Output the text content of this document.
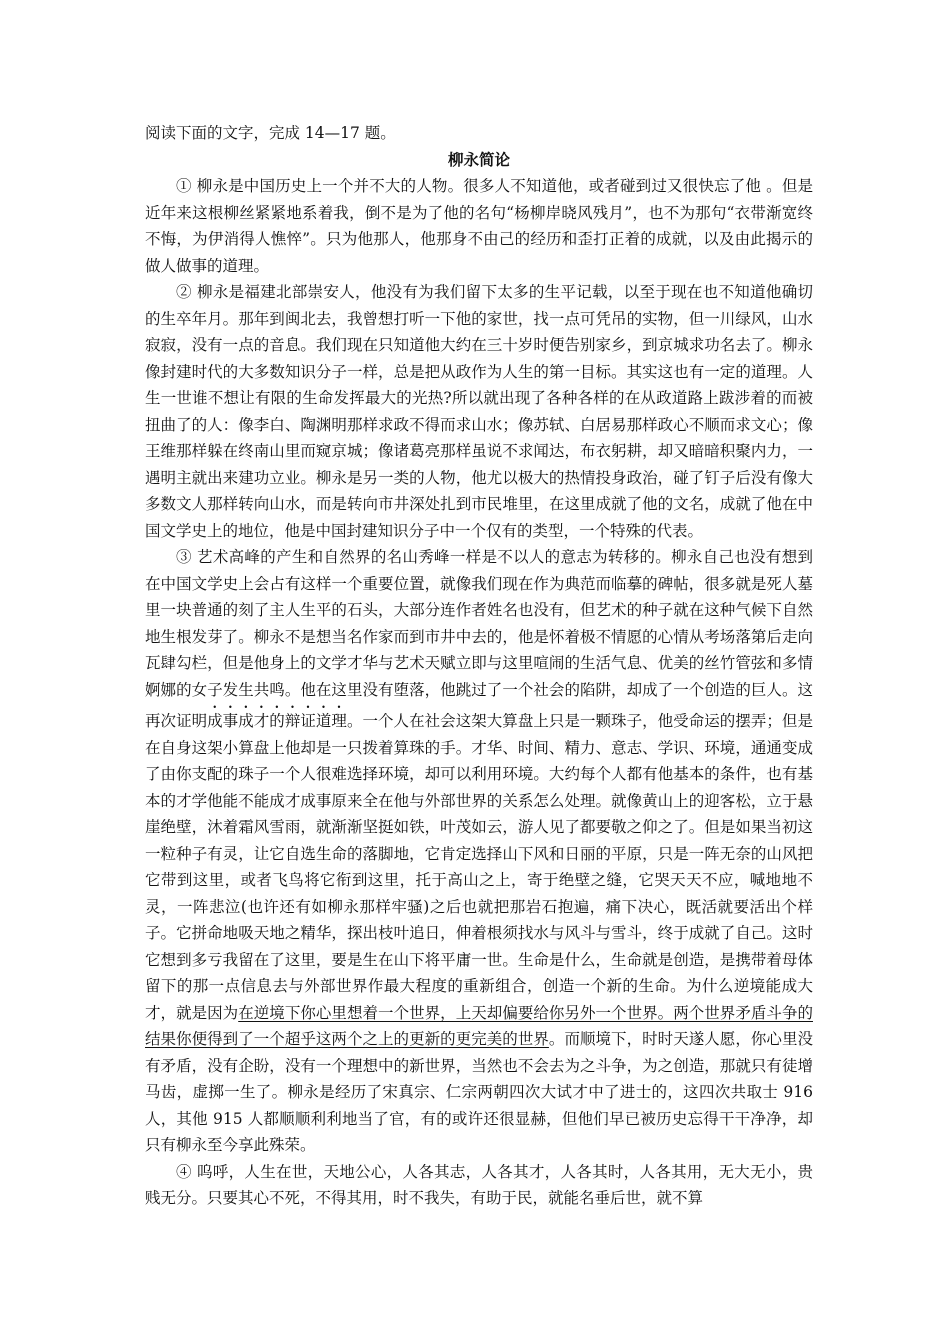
阅读下面的文字，完成 14—17 题。

柳永简论

① 柳永是中国历史上一个并不大的人物。很多人不知道他，或者碰到过又很快忘了他 。但是近年来这根柳丝紧紧地系着我，倒不是为了他的名句“杨柳岸晓风残月”，也不为那句“衣带渐宽终不悔，为伊消得人憔悴”。只为他那人，他那身不由己的经历和歪打正着的成就，以及由此揭示的做人做事的道理。

② 柳永是福建北部崇安人，他没有为我们留下太多的生平记载，以至于现在也不知道他确切的生卒年月。那年到闽北去，我曾想打听一下他的家世，找一点可凭吊的实物，但一川绿风，山水寂寂，没有一点的音息。我们现在只知道他大约在三十岁时便告别家乡，到京城求功名去了。柳永像封建时代的大多数知识分子一样，总是把从政作为人生的第一目标。其实这也有一定的道理。人生一世谁不想让有限的生命发挥最大的光热?所以就出现了各种各样的在从政道路上跋涉着的而被扭曲了的人：像李白、陶渊明那样求政不得而求山水；像苏轼、白居易那样政心不顺而求文心；像王维那样躲在终南山里而窥京城；像诸葛亮那样虽说不求闻达，布衣躬耕，却又暗暗积聚内力，一遇明主就出来建功立业。柳永是另一类的人物，他尤以极大的热情投身政治，碰了钉子后没有像大多数文人那样转向山水，而是转向市井深处扎到市民堆里，在这里成就了他的文名，成就了他在中国文学史上的地位，他是中国封建知识分子中一个仅有的类型，一个特殊的代表。

③ 艺术高峰的产生和自然界的名山秀峰一样是不以人的意志为转移的。柳永自己也没有想到在中国文学史上会占有这样一个重要位置，就像我们现在作为典范而临摹的碑帖，很多就是死人墓里一块普通的刻了主人生平的石头，大部分连作者姓名也没有，但艺术的种子就在这种气候下自然地生根发芽了。柳永不是想当名作家而到市井中去的，他是怀着极不情愿的心情从考场落第后走向瓦肆勾栏，但是他身上的文学才华与艺术天赋立即与这里喧闹的生活气息、优美的丝竹管弦和多情婀娜的女子发生共鸣。他在这里没有堕落，他跳过了一个社会的陷阱，却成了一个创造的巨人。这再次证明成事成才的辩证道理。一个人在社会这架大算盘上只是一颗珠子，他受命运的摆弄；但是在自身这架小算盘上他却是一只拨着算珠的手。才华、时间、精力、意志、学识、环境，通通变成了由你支配的珠子一个人很难选择环境，却可以利用环境。大约每个人都有他基本的条件，也有基本的才学他能不能成才成事原来全在他与外部世界的关系怎么处理。就像黄山上的迎客松，立于悬崖绝壁，沐着霜风雪雨，就渐渐坚挺如铁，叶茂如云，游人见了都要敬之仰之了。但是如果当初这一粒种子有灵，让它自选生命的落脚地，它肯定选择山下风和日丽的平原，只是一阵无奈的山风把它带到这里，或者飞鸟将它衔到这里，托于高山之上，寄于绝壁之缝，它哭天天不应，喊地地不灵，一阵悲泣(也许还有如柳永那样牢骚)之后也就把那岩石抱遍，痛下决心，既活就要活出个样子。它拼命地吸天地之精华，探出枝叶追日，伸着根须找水与风斗与雪斗，终于成就了自己。这时它想到多亏我留在了这里，要是生在山下将平庸一世。生命是什么，生命就是创造，是携带着母体留下的那一点信息去与外部世界作最大程度的重新组合，创造一个新的生命。为什么逆境能成大才，就是因为在逆境下你心里想着一个世界，上天却偏要给你另外一个世界。两个世界矛盾斗争的结果你便得到了一个超乎这两个之上的更新的更完美的世界。而顺境下，时时天遂人愿，你心里没有矛盾，没有企盼，没有一个理想中的新世界，当然也不会去为之斗争，为之创造，那就只有徒增马齿，虚掷一生了。柳永是经历了宋真宗、仁宗两朝四次大试才中了进士的，这四次共取士 916 人，其他 915 人都顺顺利利地当了官，有的或许还很显赫，但他们早已被历史忘得干干净净，却只有柳永至今享此殊荣。

④ 呜呼，人生在世，天地公心，人各其志，人各其才，人各其时，人各其用，无大无小，贵贱无分。只要其心不死，不得其用，时不我失，有助于民，就能名垂后世，就不算
